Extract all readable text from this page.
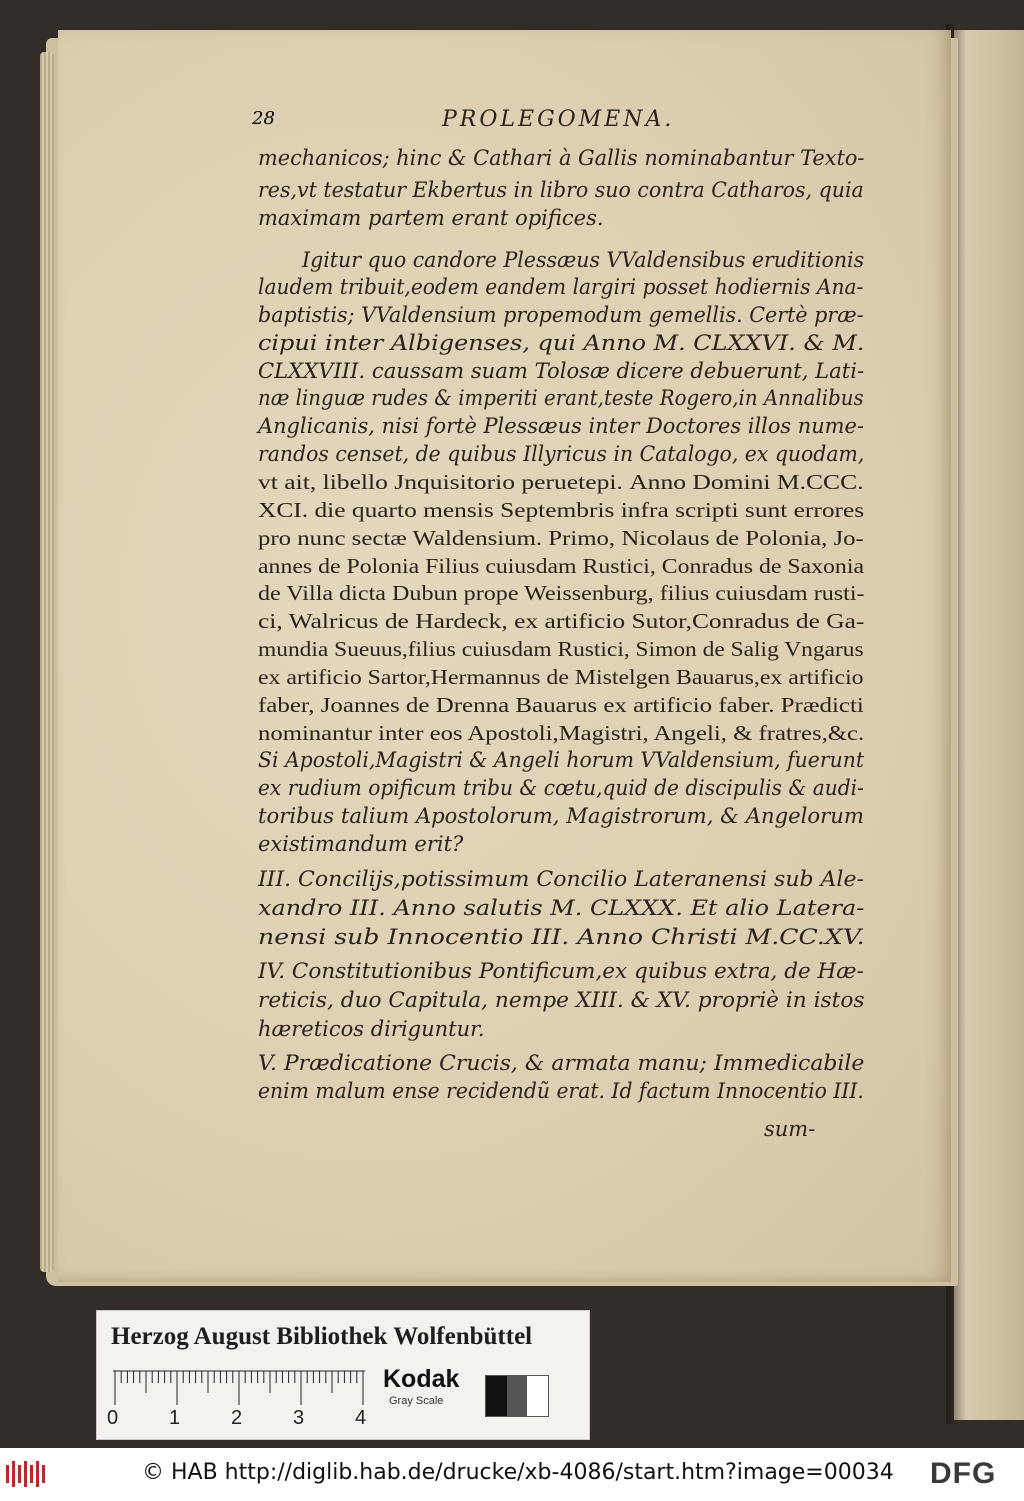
28	PROLEGOMENA.
mechanicos; hinc & Cathari à Gallis nominabantur Texto-
res,vt testatur Ekbertus in libro suo contra Catharos, quia
maximam partem erant opifices.
Igitur quo candore Plessæus VValdensibus eruditionis
laudem tribuit,eodem eandem largiri posset hodiernis Ana-
baptistis; VValdensium propemodum gemellis. Certè præ-
cipui inter Albigenses, qui Anno M. CLXXVI. & M.
CLXXVIII. caussam suam Tolosæ dicere debuerunt, Lati-
næ linguæ rudes & imperiti erant,teste Rogero,in Annalibus
Anglicanis, nisi fortè Plessæus inter Doctores illos nume-
randos censet, de quibus Illyricus in Catalogo, ex quodam,
vt ait, libello Jnquisitorio peruetері. Anno Domini M.CCC.
XCI. die quarto mensis Septembris infra scripti sunt errores
pro nunc sectæ Waldensium. Primo, Nicolaus de Polonia, Jo-
annes de Polonia Filius cuiusdam Rustici, Conradus de Saxonia
de Villa dicta Dubun prope Weissenburg, filius cuiusdam rusti-
ci, Walricus de Hardeck, ex artificio Sutor,Conradus de Ga-
mundia Sueuus,filius cuiusdam Rustici, Simon de Salig Vngarus
ex artificio Sartor,Hermannus de Mistelgen Bauarus,ex artificio
faber, Joannes de Drenna Bauarus ex artificio faber. Prædicti
nominantur inter eos Apostoli,Magistri, Angeli, & fratres,&c.
Si Apostoli,Magistri & Angeli horum VValdensium, fuerunt
ex rudium opificum tribu & cœtu,quid de discipulis & audi-
toribus talium Apostolorum, Magistrorum, & Angelorum
existimandum erit?
III. Concilijs,potissimum Concilio Lateranensi sub Ale-
xandro III. Anno salutis M. CLXXX. Et alio Latera-
nensi sub Innocentio III. Anno Christi M.CC.XV.
IV. Constitutionibus Pontificum,ex quibus extra, de Hæ-
reticis, duo Capitula, nempe XIII. & XV. propriè in istos
hæreticos diriguntur.
V. Prædicatione Crucis, & armata manu; Immedicabile
enim malum ense recidendũ erat. Id factum Innocentio III.
sum-
Herzog August Bibliothek Wolfenbüttel
0	1	2	3	4
Kodak
Gray Scale
© HAB http://diglib.hab.de/drucke/xb-4086/start.htm?image=00034 DFG
